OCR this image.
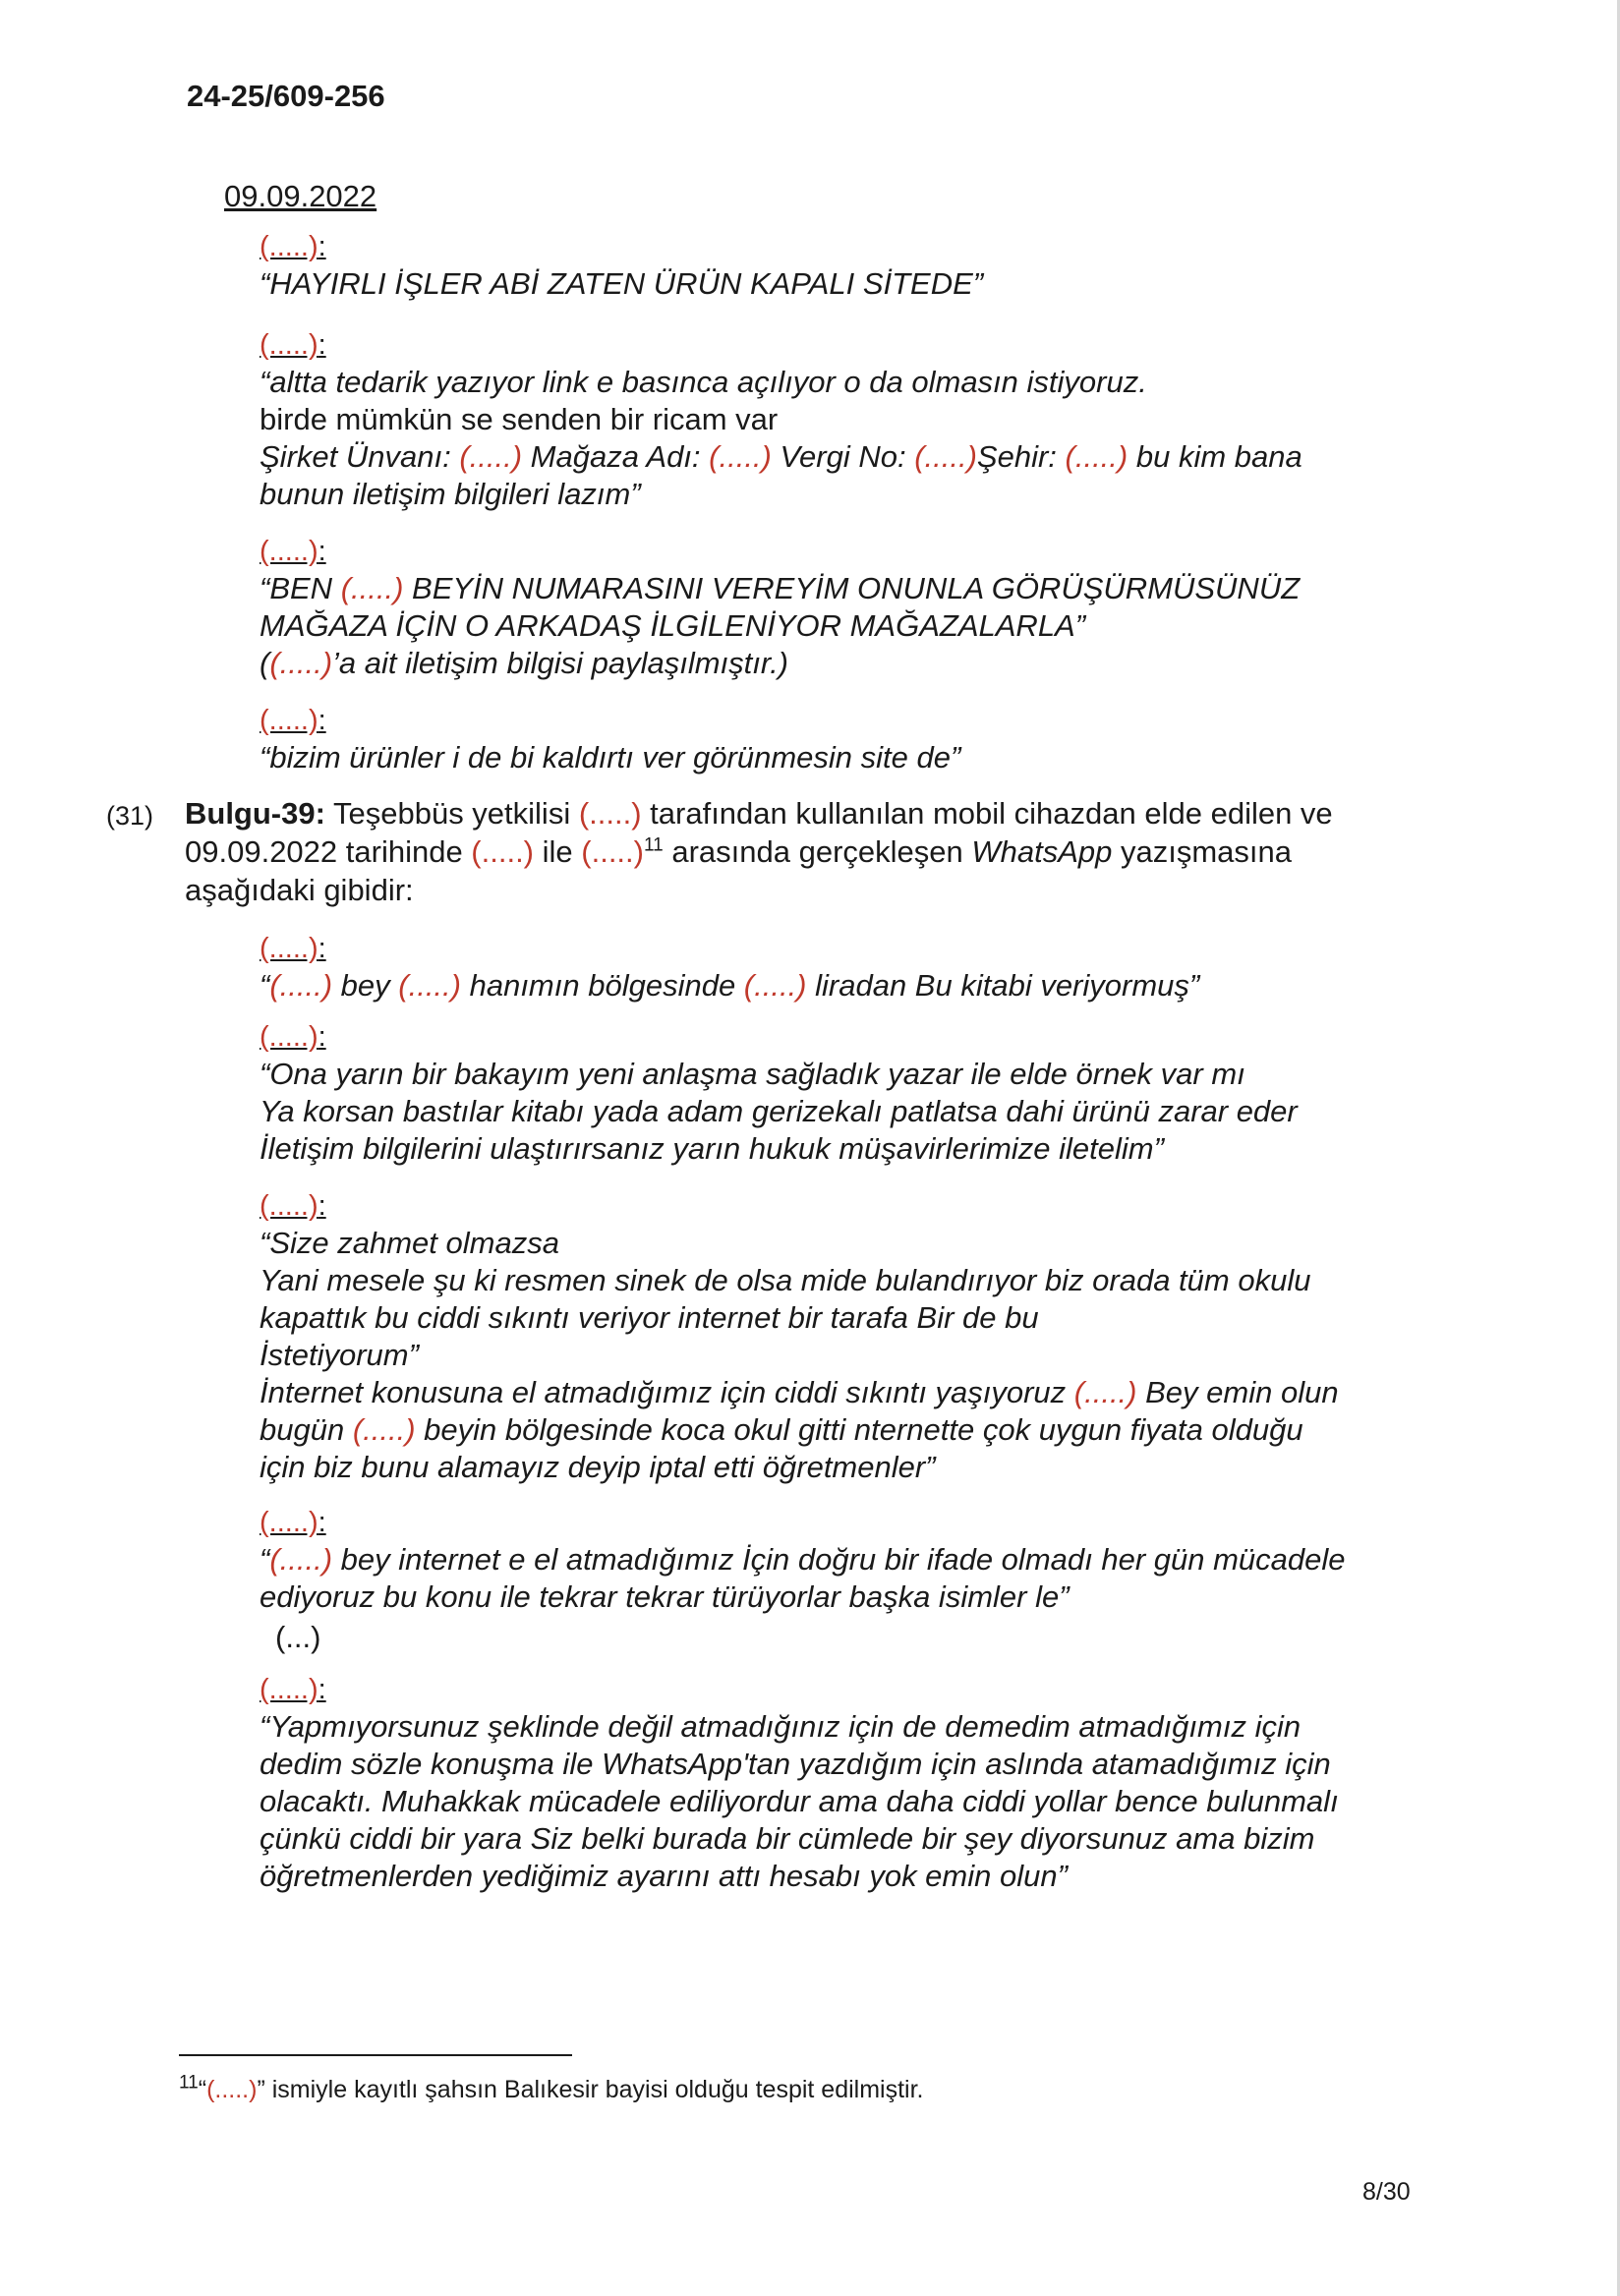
24-25/609-256
09.09.2022
(.....):
“HAYIRLI İŞLER ABİ ZATEN ÜRÜN KAPALI SİTEDE”
(.....):
“altta tedarik yazıyor link e basınca açılıyor o da olmasın istiyoruz.
birde mümkün se senden bir ricam var
Şirket Ünvanı: (.....) Mağaza Adı: (.....) Vergi No: (.....)Şehir: (.....) bu kim bana
bunun iletişim bilgileri lazım”
(.....):
“BEN (.....) BEYİN NUMARASINI VEREYİM ONUNLA GÖRÜŞÜRMÜSÜNÜZ
MAĞAZA İÇİN O ARKADAŞ İLGİLENİYOR MAĞAZALARLA”
((.....)’a ait iletişim bilgisi paylaşılmıştır.)
(.....):
“bizim ürünler i de bi kaldırtı ver görünmesin site de”
(31) Bulgu-39: Teşebbüs yetkilisi (.....) tarafından kullanılan mobil cihazdan elde edilen ve
09.09.2022 tarihinde (.....) ile (.....)$^{11}$ arasında gerçekleşen WhatsApp yazışmasına
aşağıdaki gibidir:
(.....):
“(.....) bey (.....) hanımın bölgesinde (.....) liradan Bu kitabi veriyormuş”
(.....):
“Ona yarın bir bakayım yeni anlaşma sağladık yazar ile elde örnek var mı
Ya korsan bastılar kitabı yada adam gerizekalı patlatsa dahi ürünü zarar eder
İletişim bilgilerini ulaştırırsanız yarın hukuk müşavirlerimize iletelim”
(.....):
“Size zahmet olmazsa
Yani mesele şu ki resmen sinek de olsa mide bulandırıyor biz orada tüm okulu
kapattık bu ciddi sıkıntı veriyor internet bir tarafa Bir de bu
İstetiyorum”
İnternet konusuna el atmadığımız için ciddi sıkıntı yaşıyoruz (.....) Bey emin olun
bugün (.....) beyin bölgesinde koca okul gitti nternette çok uygun fiyata olduğu
için biz bunu alamayız deyip iptal etti öğretmenler”
(.....):
“(.....) bey internet e el atmadığımız İçin doğru bir ifade olmadı her gün mücadele
ediyoruz bu konu ile tekrar tekrar türüyorlar başka isimler le”
(...)
(.....):
“Yapmıyorsunuz şeklinde değil atmadığınız için de demedim atmadığımız için
dedim sözle konuşma ile WhatsApp'tan yazdığım için aslında atamadığımız için
olacaktı. Muhakkak mücadele ediliyordur ama daha ciddi yollar bence bulunmalı
çünkü ciddi bir yara Siz belki burada bir cümlede bir şey diyorsunuz ama bizim
öğretmenlerden yediğimiz ayarını attı hesabı yok emin olun”
$^{11}$“(.....)” ismiyle kayıtlı şahsın Balıkesir bayisi olduğu tespit edilmiştir.
8/30
